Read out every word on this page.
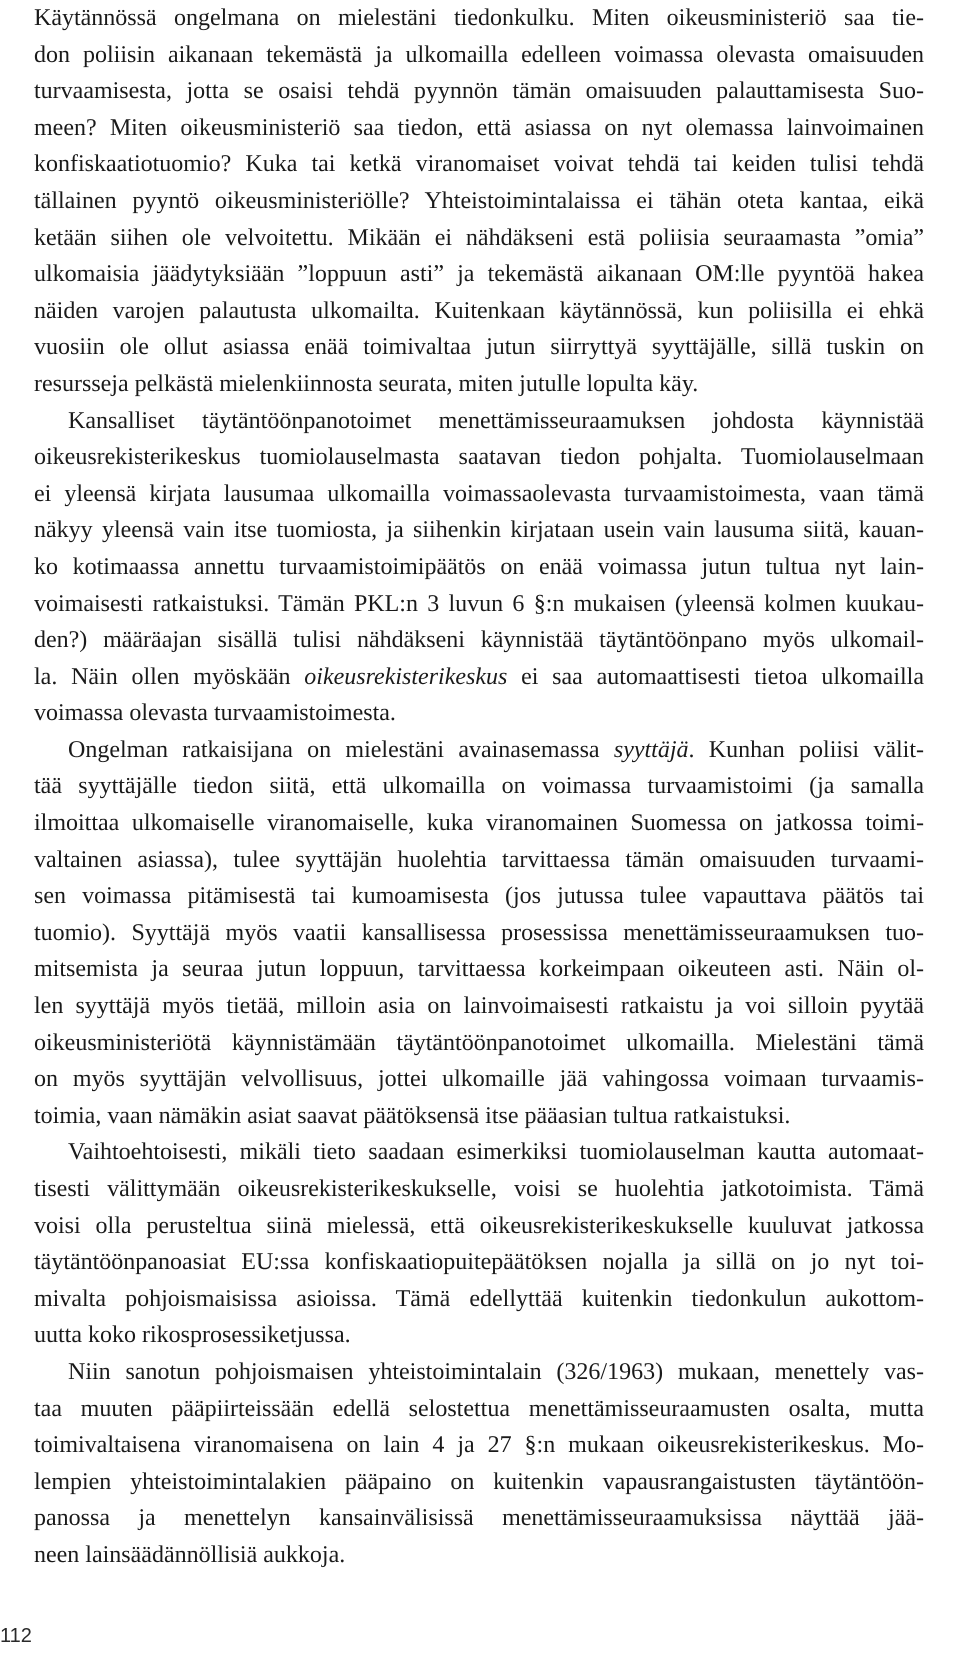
Käytännössä ongelmana on mielestäni tiedonkulku. Miten oikeusministeriö saa tie-
don poliisin aikanaan tekemästä ja ulkomailla edelleen voimassa olevasta omaisuuden
turvaamisesta, jotta se osaisi tehdä pyynnön tämän omaisuuden palauttamisesta Suo-
meen? Miten oikeusministeriö saa tiedon, että asiassa on nyt olemassa lainvoimainen
konfiskaatiotuomio? Kuka tai ketkä viranomaiset voivat tehdä tai keiden tulisi tehdä
tällainen pyyntö oikeusministeriölle? Yhteistoimintalaissa ei tähän oteta kantaa, eikä
ketään siihen ole velvoitettu. Mikään ei nähdäkseni estä poliisia seuraamasta ”omia”
ulkomaisia jäädytyksiään ”loppuun asti” ja tekemästä aikanaan OM:lle pyyntöä hakea
näiden varojen palautusta ulkomailta. Kuitenkaan käytännössä, kun poliisilla ei ehkä
vuosiin ole ollut asiassa enää toimivaltaa jutun siirryttyä syyttäjälle, sillä tuskin on
resursseja pelkästä mielenkiinnosta seurata, miten jutulle lopulta käy.
Kansalliset täytäntöönpanotoimet menettämisseuraamuksen johdosta käynnistää
oikeusrekisterikeskus tuomiolauselmasta saatavan tiedon pohjalta. Tuomiolauselmaan
ei yleensä kirjata lausumaa ulkomailla voimassaolevasta turvaamistoimesta, vaan tämä
näkyy yleensä vain itse tuomiosta, ja siihenkin kirjataan usein vain lausuma siitä, kauan-
ko kotimaassa annettu turvaamistoimipäätös on enää voimassa jutun tultua nyt lain-
voimaisesti ratkaistuksi. Tämän PKL:n 3 luvun 6 §:n mukaisen (yleensä kolmen kuukau-
den?) määräajan sisällä tulisi nähdäkseni käynnistää täytäntöönpano myös ulkomail-
la. Näin ollen myöskään oikeusrekisterikeskus ei saa automaattisesti tietoa ulkomailla
voimassa olevasta turvaamistoimesta.
Ongelman ratkaisijana on mielestäni avainasemassa syyttäjä. Kunhan poliisi välit-
tää syyttäjälle tiedon siitä, että ulkomailla on voimassa turvaamistoimi (ja samalla
ilmoittaa ulkomaiselle viranomaiselle, kuka viranomainen Suomessa on jatkossa toimi-
valtainen asiassa), tulee syyttäjän huolehtia tarvittaessa tämän omaisuuden turvaami-
sen voimassa pitämisestä tai kumoamisesta (jos jutussa tulee vapauttava päätös tai
tuomio). Syyttäjä myös vaatii kansallisessa prosessissa menettämisseuraamuksen tuo-
mitsemista ja seuraa jutun loppuun, tarvittaessa korkeimpaan oikeuteen asti. Näin ol-
len syyttäjä myös tietää, milloin asia on lainvoimaisesti ratkaistu ja voi silloin pyytää
oikeusministeriötä käynnistämään täytäntöönpanotoimet ulkomailla. Mielestäni tämä
on myös syyttäjän velvollisuus, jottei ulkomaille jää vahingossa voimaan turvaamis-
toimia, vaan nämäkin asiat saavat päätöksensä itse pääasian tultua ratkaistuksi.
Vaihtoehtoisesti, mikäli tieto saadaan esimerkiksi tuomiolauselman kautta automaat-
tisesti välittymään oikeusrekisterikeskukselle, voisi se huolehtia jatkotoimista. Tämä
voisi olla perusteltua siinä mielessä, että oikeusrekisterikeskukselle kuuluvat jatkossa
täytäntöönpanoasiat EU:ssa konfiskaatiopuitepäätöksen nojalla ja sillä on jo nyt toi-
mivalta pohjoismaisissa asioissa. Tämä edellyttää kuitenkin tiedonkulun aukottom-
uutta koko rikosprosessiketjussa.
Niin sanotun pohjoismaisen yhteistoimintalain (326/1963) mukaan, menettely vas-
taa muuten pääpiirteissään edellä selostettua menettämisseuraamusten osalta, mutta
toimivaltaisena viranomaisena on lain 4 ja 27 §:n mukaan oikeusrekisterikeskus. Mo-
lempien yhteistoimintalakien pääpaino on kuitenkin vapausrangaistusten täytäntöön-
panossa ja menettelyn kansainvälisissä menettämisseuraamuksissa näyttää jää-
neen lainsäädännöllisiä aukkoja.
112
